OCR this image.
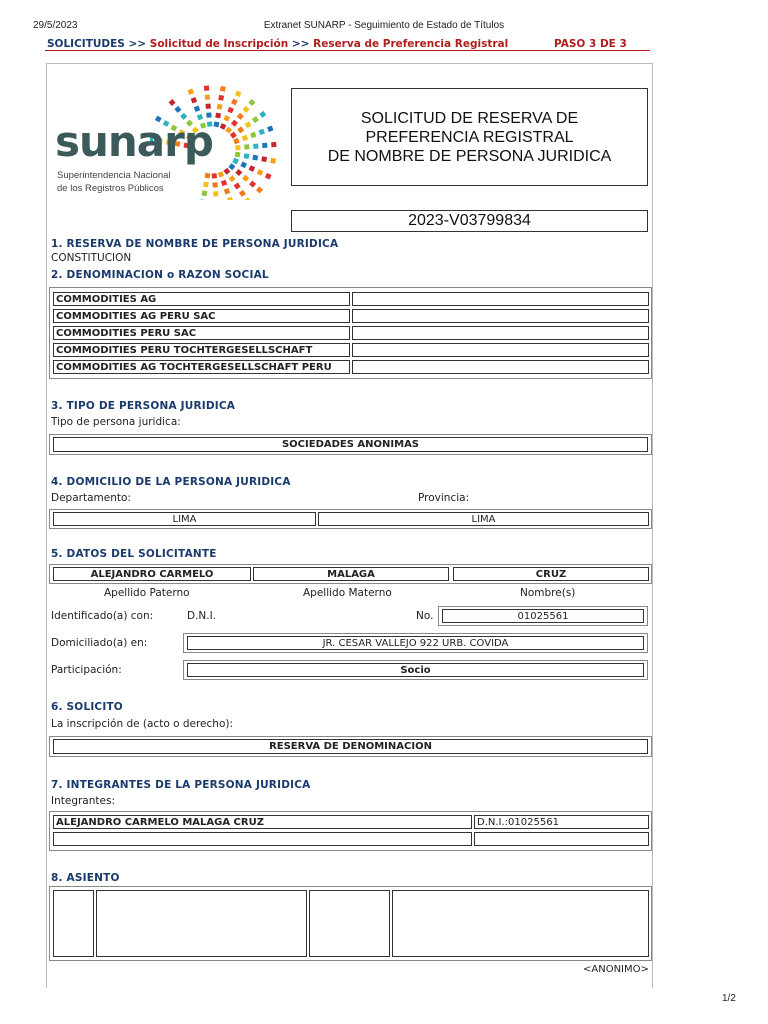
29/5/2023	Extranet SUNARP - Seguimiento de Estado de Títulos
SOLICITUDES >> Solicitud de Inscripción >> Reserva de Preferencia Registral	PASO 3 DE 3
sunarp
Superintendencia Nacional
de los Registros Públicos
SOLICITUD DE RESERVA DE
PREFERENCIA REGISTRAL
DE NOMBRE DE PERSONA JURIDICA
2023-V03799834
1. RESERVA DE NOMBRE DE PERSONA JURIDICA
CONSTITUCION
2. DENOMINACION o RAZON SOCIAL
COMMODITIES AG
COMMODITIES AG PERU SAC
COMMODITIES PERU SAC
COMMODITIES PERU TOCHTERGESELLSCHAFT
COMMODITIES AG TOCHTERGESELLSCHAFT PERU
3. TIPO DE PERSONA JURIDICA
Tipo de persona juridica:
SOCIEDADES ANONIMAS
4. DOMICILIO DE LA PERSONA JURIDICA
Departamento:	Provincia:
LIMA	LIMA
5. DATOS DEL SOLICITANTE
ALEJANDRO CARMELO	MALAGA	CRUZ
Apellido Paterno	Apellido Materno	Nombre(s)
Identificado(a) con:	D.N.I.	No.	01025561
Domiciliado(a) en:	JR. CESAR VALLEJO 922 URB. COVIDA
Participación:	Socio
6. SOLICITO
La inscripción de (acto o derecho):
RESERVA DE DENOMINACION
7. INTEGRANTES DE LA PERSONA JURIDICA
Integrantes:
ALEJANDRO CARMELO MALAGA CRUZ	D.N.I.:01025561
8. ASIENTO
<ANONIMO>
1/2
